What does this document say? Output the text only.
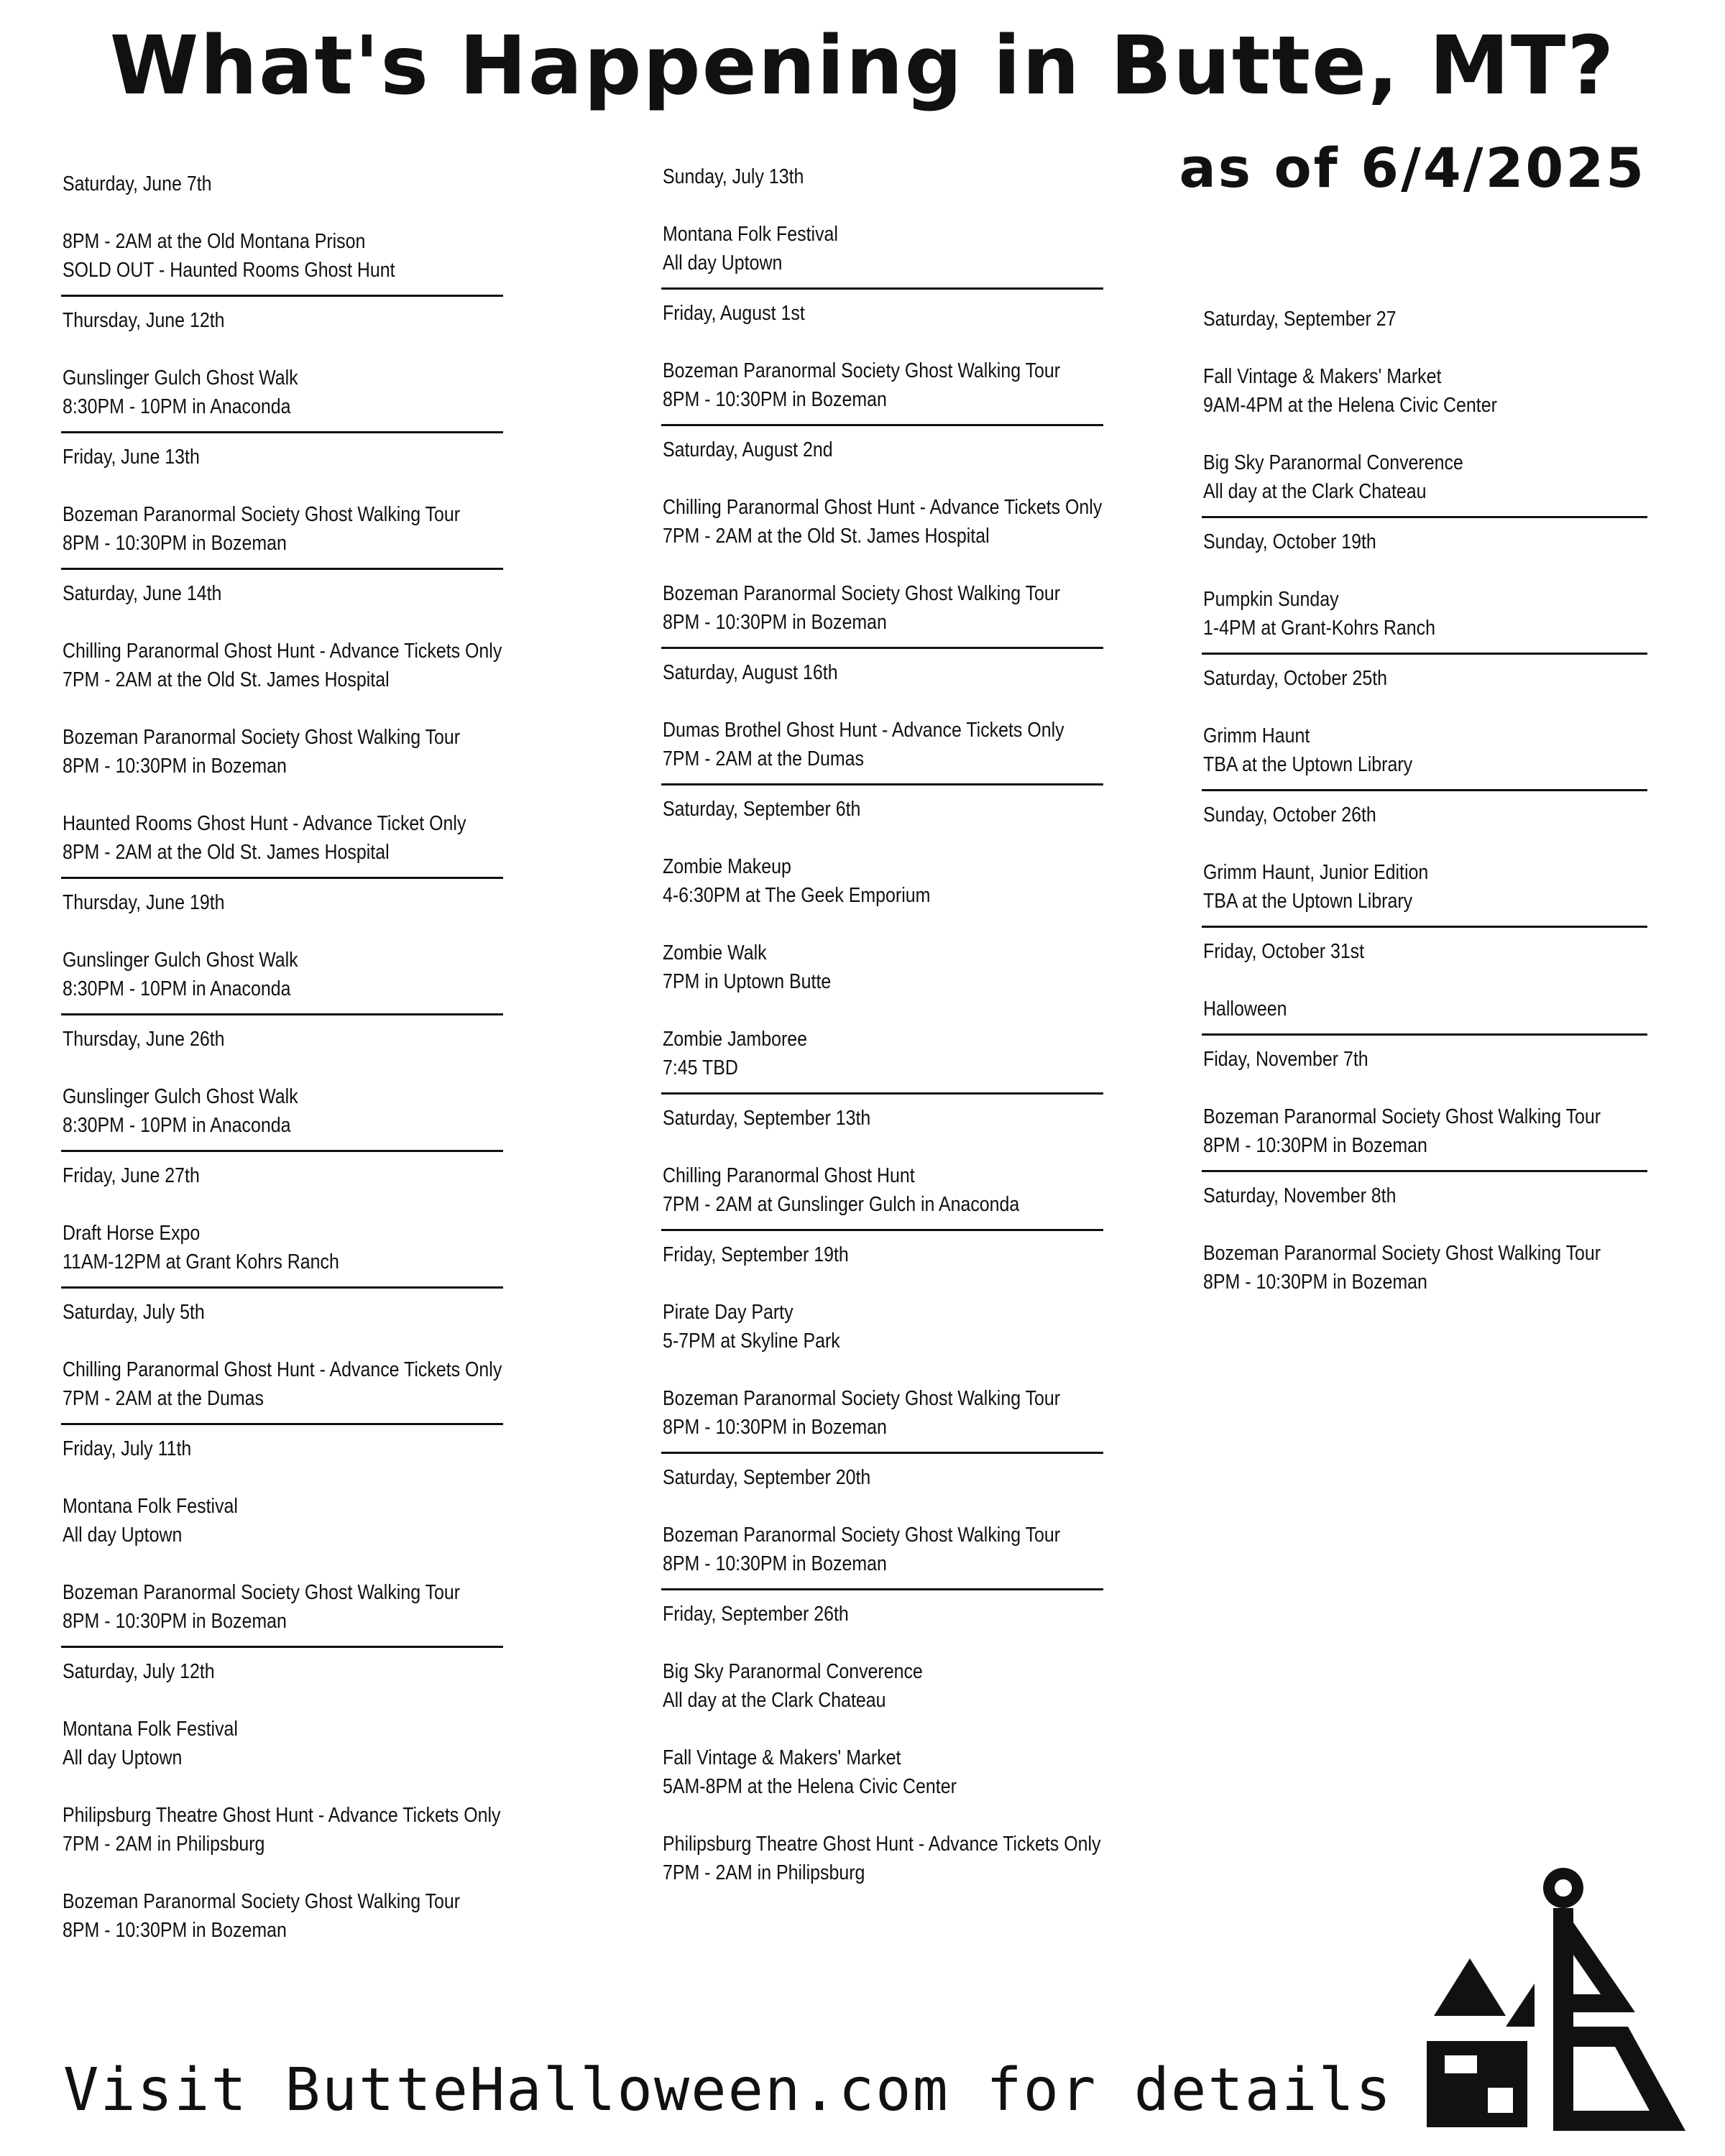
What's Happening in Butte, MT?
as of 6/4/2025
Saturday, June 7th
8PM - 2AM at the Old Montana Prison
SOLD OUT - Haunted Rooms Ghost Hunt
Thursday, June 12th
Gunslinger Gulch Ghost Walk
8:30PM - 10PM in Anaconda
Friday, June 13th
Bozeman Paranormal Society Ghost Walking Tour
8PM - 10:30PM in Bozeman
Saturday, June 14th
Chilling Paranormal Ghost Hunt - Advance Tickets Only
7PM - 2AM at the Old St. James Hospital
Bozeman Paranormal Society Ghost Walking Tour
8PM - 10:30PM in Bozeman
Haunted Rooms Ghost Hunt - Advance Ticket Only
8PM - 2AM at the Old St. James Hospital
Thursday, June 19th
Gunslinger Gulch Ghost Walk
8:30PM - 10PM in Anaconda
Thursday, June 26th
Gunslinger Gulch Ghost Walk
8:30PM - 10PM in Anaconda
Friday, June 27th
Draft Horse Expo
11AM-12PM at Grant Kohrs Ranch
Saturday, July 5th
Chilling Paranormal Ghost Hunt - Advance Tickets Only
7PM - 2AM at the Dumas
Friday, July 11th
Montana Folk Festival
All day Uptown
Bozeman Paranormal Society Ghost Walking Tour
8PM - 10:30PM in Bozeman
Saturday, July 12th
Montana Folk Festival
All day Uptown
Philipsburg Theatre Ghost Hunt - Advance Tickets Only
7PM - 2AM in Philipsburg
Bozeman Paranormal Society Ghost Walking Tour
8PM - 10:30PM in Bozeman
Sunday, July 13th
Montana Folk Festival
All day Uptown
Friday, August 1st
Bozeman Paranormal Society Ghost Walking Tour
8PM - 10:30PM in Bozeman
Saturday, August 2nd
Chilling Paranormal Ghost Hunt - Advance Tickets Only
7PM - 2AM at the Old St. James Hospital
Bozeman Paranormal Society Ghost Walking Tour
8PM - 10:30PM in Bozeman
Saturday, August 16th
Dumas Brothel Ghost Hunt - Advance Tickets Only
7PM - 2AM at the Dumas
Saturday, September 6th
Zombie Makeup
4-6:30PM at The Geek Emporium
Zombie Walk
7PM in Uptown Butte
Zombie Jamboree
7:45 TBD
Saturday, September 13th
Chilling Paranormal Ghost Hunt
7PM - 2AM at Gunslinger Gulch in Anaconda
Friday, September 19th
Pirate Day Party
5-7PM at Skyline Park
Bozeman Paranormal Society Ghost Walking Tour
8PM - 10:30PM in Bozeman
Saturday, September 20th
Bozeman Paranormal Society Ghost Walking Tour
8PM - 10:30PM in Bozeman
Friday, September 26th
Big Sky Paranormal Converence
All day at the Clark Chateau
Fall Vintage & Makers' Market
5AM-8PM at the Helena Civic Center
Philipsburg Theatre Ghost Hunt - Advance Tickets Only
7PM - 2AM in Philipsburg
Saturday, September 27
Fall Vintage & Makers' Market
9AM-4PM at the Helena Civic Center
Big Sky Paranormal Converence
All day at the Clark Chateau
Sunday, October 19th
Pumpkin Sunday
1-4PM at Grant-Kohrs Ranch
Saturday, October 25th
Grimm Haunt
TBA at the Uptown Library
Sunday, October 26th
Grimm Haunt, Junior Edition
TBA at the Uptown Library
Friday, October 31st
Halloween
Fiday, November 7th
Bozeman Paranormal Society Ghost Walking Tour
8PM - 10:30PM in Bozeman
Saturday, November 8th
Bozeman Paranormal Society Ghost Walking Tour
8PM - 10:30PM in Bozeman
Visit ButteHalloween.com for details
